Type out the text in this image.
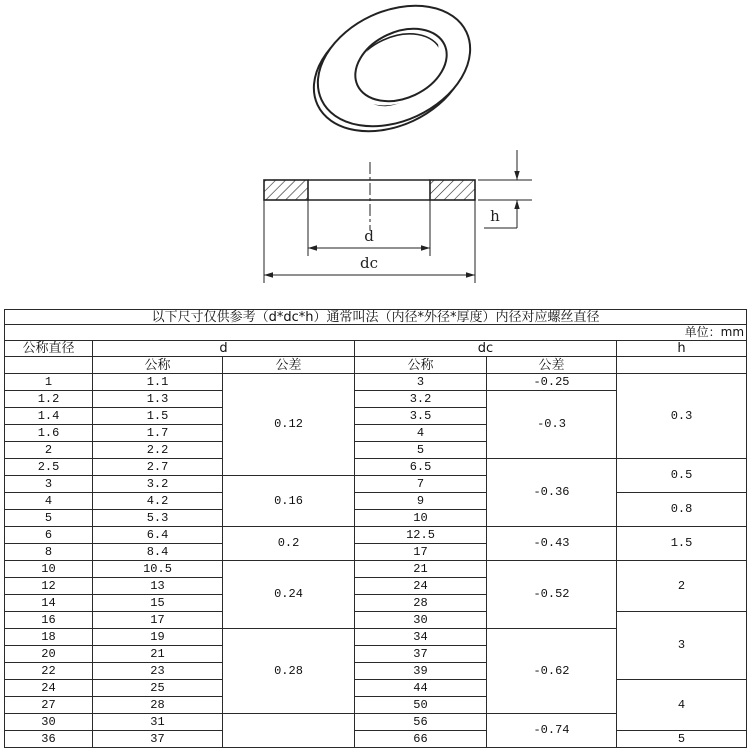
d
dc
h
以下尺寸仅供参考（d*dc*h）通常叫法（内径*外径*厚度）内径对应螺丝直径					
单位：mm					
公称直径	d		dc		h
	公称	公差	公称	公差	
1	1.1	0.12	3	-0.25	0.3
1.2	1.3		3.2	-0.3	
1.4	1.5		3.5		
1.6	1.7		4		
2	2.2		5		
2.5	2.7		6.5	-0.36	0.5
3	3.2	0.16	7		
4	4.2		9		0.8
5	5.3		10		
6	6.4	0.2	12.5	-0.43	1.5
8	8.4		17		
10	10.5	0.24	21	-0.52	2
12	13		24		
14	15		28		
16	17		30		3
18	19	0.28	34	-0.62	
20	21		37		
22	23		39		
24	25		44		4
27	28		50		
30	31		56	-0.74	
36	37		66		5
